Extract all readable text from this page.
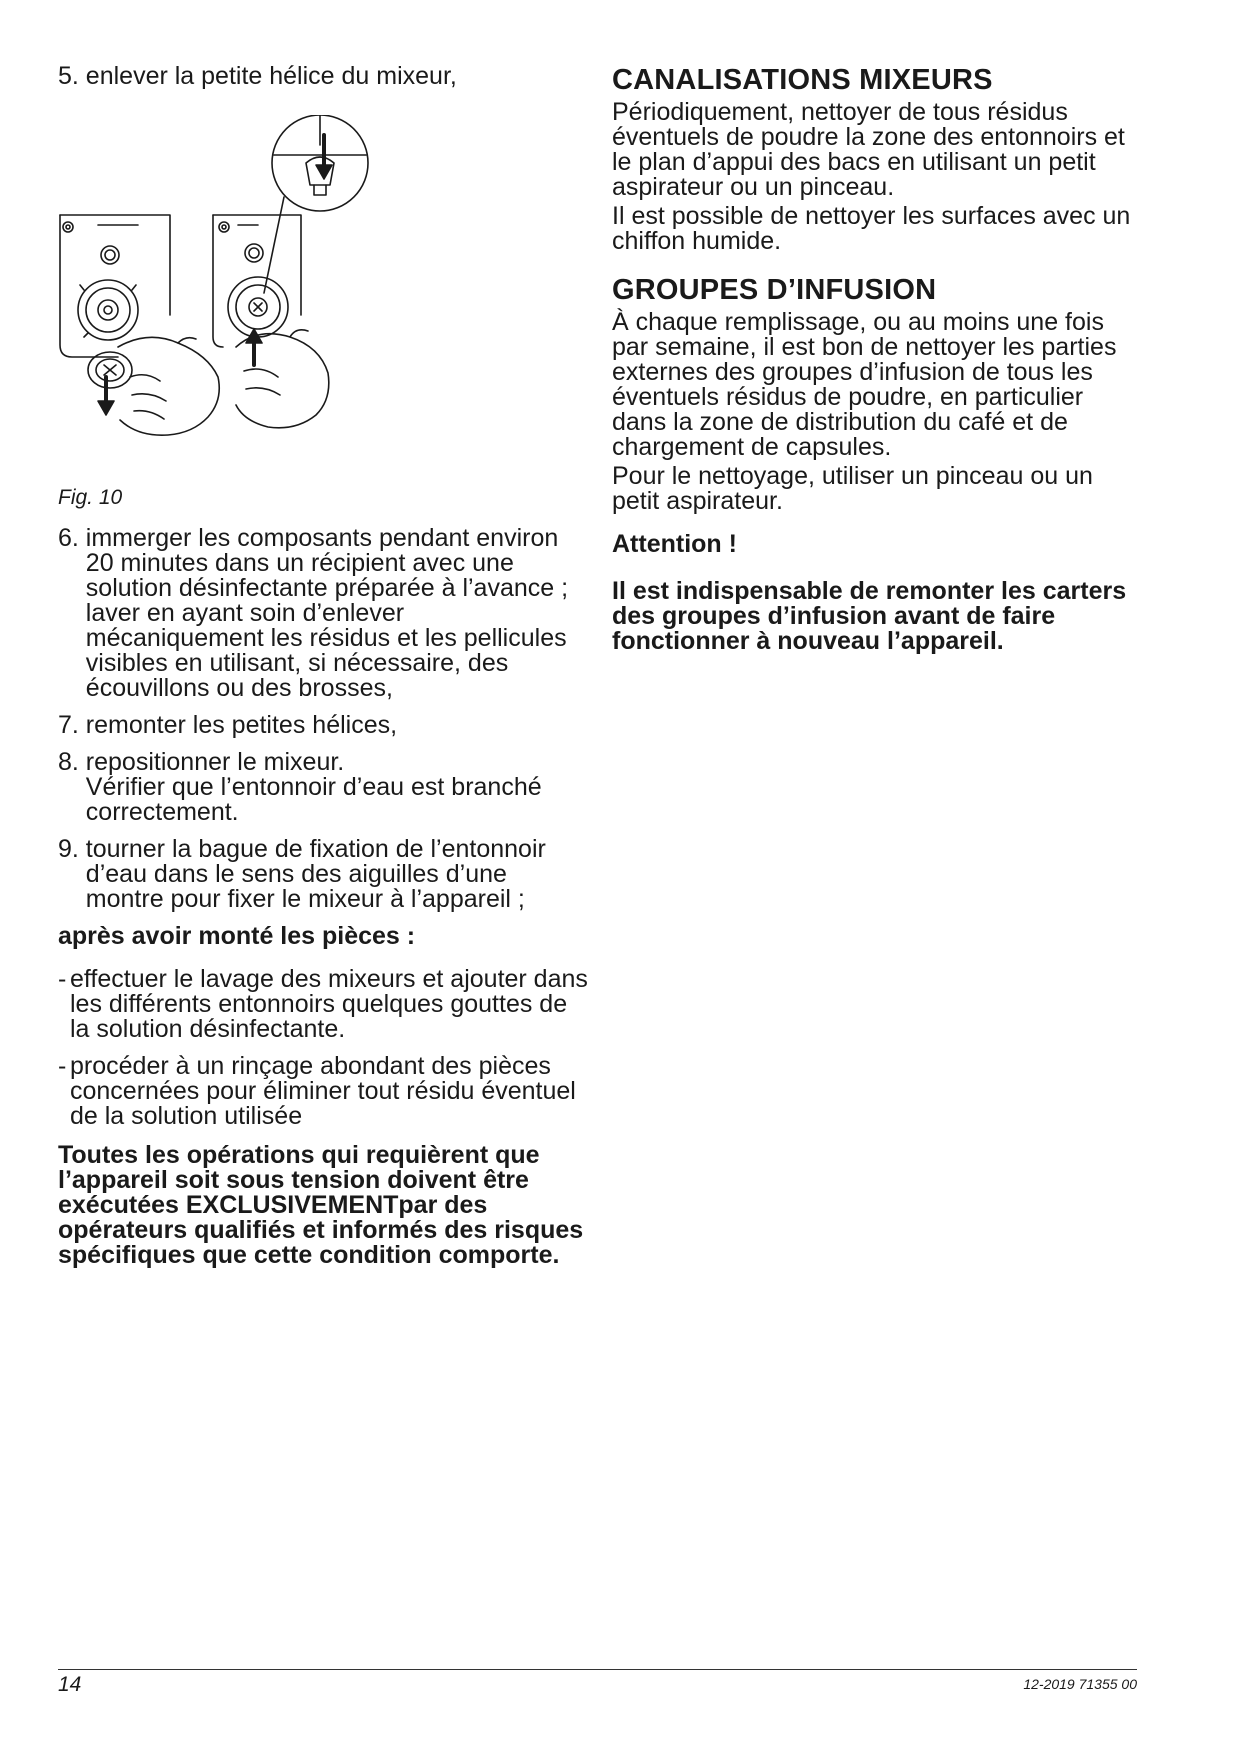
5. enlever la petite hélice du mixeur,

Fig. 10

6. immerger les composants pendant environ 20 minutes dans un récipient avec une solution désinfectante préparée à l’avance ; laver en ayant soin d’enlever mécaniquement les résidus et les pellicules visibles en utilisant, si nécessaire, des écouvillons ou des brosses,
7. remonter les petites hélices,
8. repositionner le mixeur.
Vérifier que l’entonnoir d’eau est branché correctement.
9. tourner la bague de fixation de l’entonnoir d’eau dans le sens des aiguilles d’une montre pour fixer le mixeur à l’appareil ;

après avoir monté les pièces :

- effectuer le lavage des mixeurs et ajouter dans les différents entonnoirs quelques gouttes de la solution désinfectante.
- procéder à un rinçage abondant des pièces concernées pour éliminer tout résidu éventuel de la solution utilisée

Toutes les opérations qui requièrent que l’appareil soit sous tension doivent être exécutées EXCLUSIVEMENTpar des opérateurs qualifiés et informés des risques spécifiques que cette condition comporte.

CANALISATIONS MIXEURS

Périodiquement, nettoyer de tous résidus éventuels de poudre la zone des entonnoirs et le plan d’appui des bacs en utilisant un petit aspirateur ou un pinceau.

Il est possible de nettoyer les surfaces avec un chiffon humide.

GROUPES D’INFUSION

À chaque remplissage, ou au moins une fois par semaine, il est bon de nettoyer les parties externes des groupes d’infusion de tous les éventuels résidus de poudre, en particulier dans la zone de distribution du café et de chargement de capsules.

Pour le nettoyage, utiliser un pinceau ou un petit aspirateur.

Attention !

Il est indispensable de remonter les carters des groupes d’infusion avant de faire fonctionner à nouveau l’appareil.

14	12-2019 71355 00
